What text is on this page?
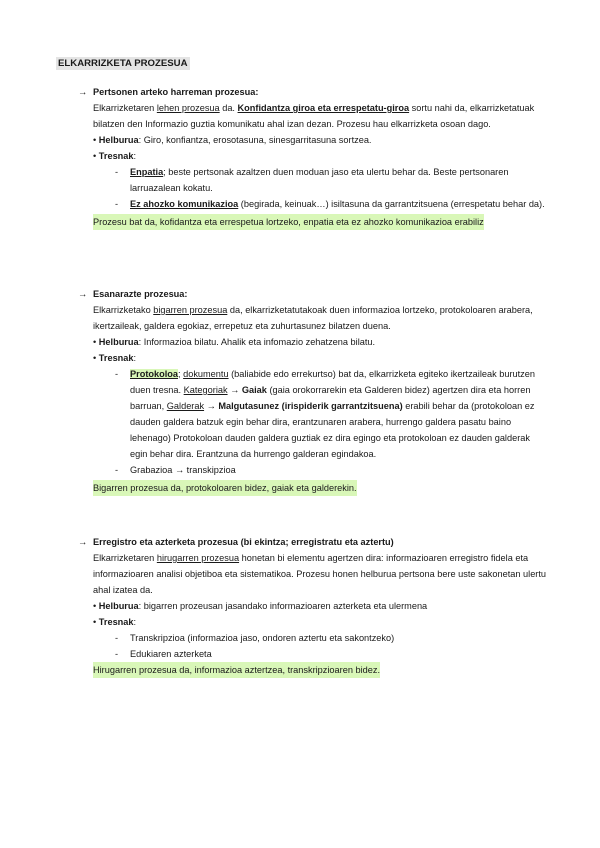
ELKARRIZKETA PROZESUA
→ Pertsonen arteko harreman prozesua:
Elkarrizketaren lehen prozesua da. Konfidantza giroa eta errespetatu-giroa sortu nahi da, elkarrizketatuak bilatzen den Informazio guztia komunikatu ahal izan dezan. Prozesu hau elkarrizketa osoan dago.
• Helburua: Giro, konfiantza, erosotasuna, sinesgarritasuna sortzea.
• Tresnak:
- Enpatia; beste pertsonak azaltzen duen moduan jaso eta ulertu behar da. Beste pertsonaren larruazalean kokatu.
- Ez ahozko komunikazioa (begirada, keinuak…) isiltasuna da garrantzitsuena (errespetatu behar da).
Prozesu bat da, kofidantza eta errespetua lortzeko, enpatia eta ez ahozko komunikazioa erabiliz
→ Esanarazte prozesua:
Elkarrizketako bigarren prozesua da, elkarrizketatutakoak duen informazioa lortzeko, protokoloaren arabera, ikertzaileak, galdera egokiaz, errepetuz eta zuhurtasunez bilatzen duena.
• Helburua: Informazioa bilatu. Ahalik eta infomazio zehatzena bilatu.
• Tresnak:
- Protokoloa; dokumentu (baliabide edo errekurtso) bat da, elkarrizketa egiteko ikertzaileak burutzen duen tresna. Kategoriak → Gaiak (gaia orokorrarekin eta Galderen bidez) agertzen dira eta horren barruan, Galderak → Malgutasunez (irispiderik garrantzitsuena) erabili behar da (protokoloan ez dauden galdera batzuk egin behar dira, erantzunaren arabera, hurrengo galdera pasatu baino lehenago) Protokoloan dauden galdera guztiak ez dira egingo eta protokoloan ez dauden galderak egin behar dira. Erantzuna da hurrengo galderan egindakoa.
- Grabazioa → transkipzioa
Bigarren prozesua da, protokoloaren bidez, gaiak eta galderekin.
→ Erregistro eta azterketa prozesua (bi ekintza; erregistratu eta aztertu)
Elkarrizketaren hirugarren prozesua honetan bi elementu agertzen dira: informazioaren erregistro fidela eta informazioaren analisi objetiboa eta sistematikoa. Prozesu honen helburua pertsona bere uste sakonetan ulertu ahal izatea da.
• Helburua: bigarren prozeusan jasandako informazioaren azterketa eta ulermena
• Tresnak:
- Transkripzioa (informazioa jaso, ondoren aztertu eta sakontzeko)
- Edukiaren azterketa
Hirugarren prozesua da, informazioa aztertzea, transkripzioaren bidez.
